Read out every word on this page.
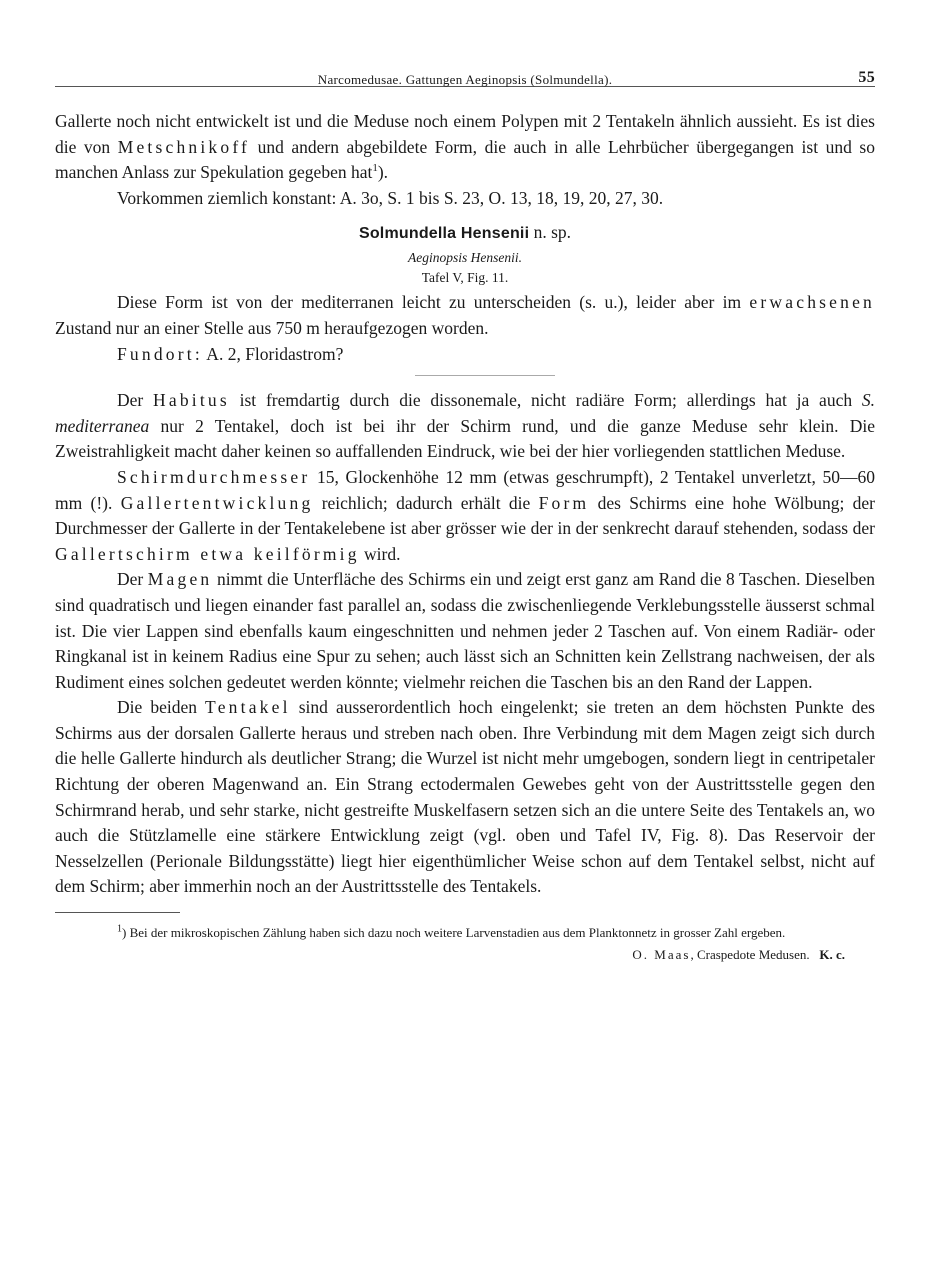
Narcomedusae. Gattungen Aeginopsis (Solmundella).	55

Gallerte noch nicht entwickelt ist und die Meduse noch einem Polypen mit 2 Tentakeln ähnlich aussieht. Es ist dies die von Metschnikoff und andern abgebildete Form, die auch in alle Lehrbücher übergegangen ist und so manchen Anlass zur Spekulation gegeben hat$^1$).

Vorkommen ziemlich konstant: A. 3o, S. 1 bis S. 23, O. 13, 18, 19, 20, 27, 30.

Solmundella Hensenii n. sp.
Aeginopsis Hensenii.
Tafel V, Fig. 11.

Diese Form ist von der mediterranen leicht zu unterscheiden (s. u.), leider aber im erwachsenen Zustand nur an einer Stelle aus 750 m heraufgezogen worden.

Fundort: A. 2, Floridastrom?

Der Habitus ist fremdartig durch die dissonemale, nicht radiäre Form; allerdings hat ja auch S. mediterranea nur 2 Tentakel, doch ist bei ihr der Schirm rund, und die ganze Meduse sehr klein. Die Zweistrahligkeit macht daher keinen so auffallenden Eindruck, wie bei der hier vorliegenden stattlichen Meduse.

Schirmdurchmesser 15, Glockenhöhe 12 mm (etwas geschrumpft), 2 Tentakel unverletzt, 50—60 mm (!). Gallertentwicklung reichlich; dadurch erhält die Form des Schirms eine hohe Wölbung; der Durchmesser der Gallerte in der Tentakelebene ist aber grösser wie der in der senkrecht darauf stehenden, sodass der Gallertschirm etwa keilförmig wird.

Der Magen nimmt die Unterfläche des Schirms ein und zeigt erst ganz am Rand die 8 Taschen. Dieselben sind quadratisch und liegen einander fast parallel an, sodass die zwischenliegende Verklebungsstelle äusserst schmal ist. Die vier Lappen sind ebenfalls kaum eingeschnitten und nehmen jeder 2 Taschen auf. Von einem Radiär- oder Ringkanal ist in keinem Radius eine Spur zu sehen; auch lässt sich an Schnitten kein Zellstrang nachweisen, der als Rudiment eines solchen gedeutet werden könnte; vielmehr reichen die Taschen bis an den Rand der Lappen.

Die beiden Tentakel sind ausserordentlich hoch eingelenkt; sie treten an dem höchsten Punkte des Schirms aus der dorsalen Gallerte heraus und streben nach oben. Ihre Verbindung mit dem Magen zeigt sich durch die helle Gallerte hindurch als deutlicher Strang; die Wurzel ist nicht mehr umgebogen, sondern liegt in centripetaler Richtung der oberen Magenwand an. Ein Strang ectodermalen Gewebes geht von der Austrittsstelle gegen den Schirmrand herab, und sehr starke, nicht gestreifte Muskelfasern setzen sich an die untere Seite des Tentakels an, wo auch die Stützlamelle eine stärkere Entwicklung zeigt (vgl. oben und Tafel IV, Fig. 8). Das Reservoir der Nesselzellen (Perionale Bildungsstätte) liegt hier eigenthümlicher Weise schon auf dem Tentakel selbst, nicht auf dem Schirm; aber immerhin noch an der Austrittsstelle des Tentakels.

$^1$) Bei der mikroskopischen Zählung haben sich dazu noch weitere Larvenstadien aus dem Planktonnetz in grosser Zahl ergeben.

O. Maas, Craspedote Medusen. K. c.
